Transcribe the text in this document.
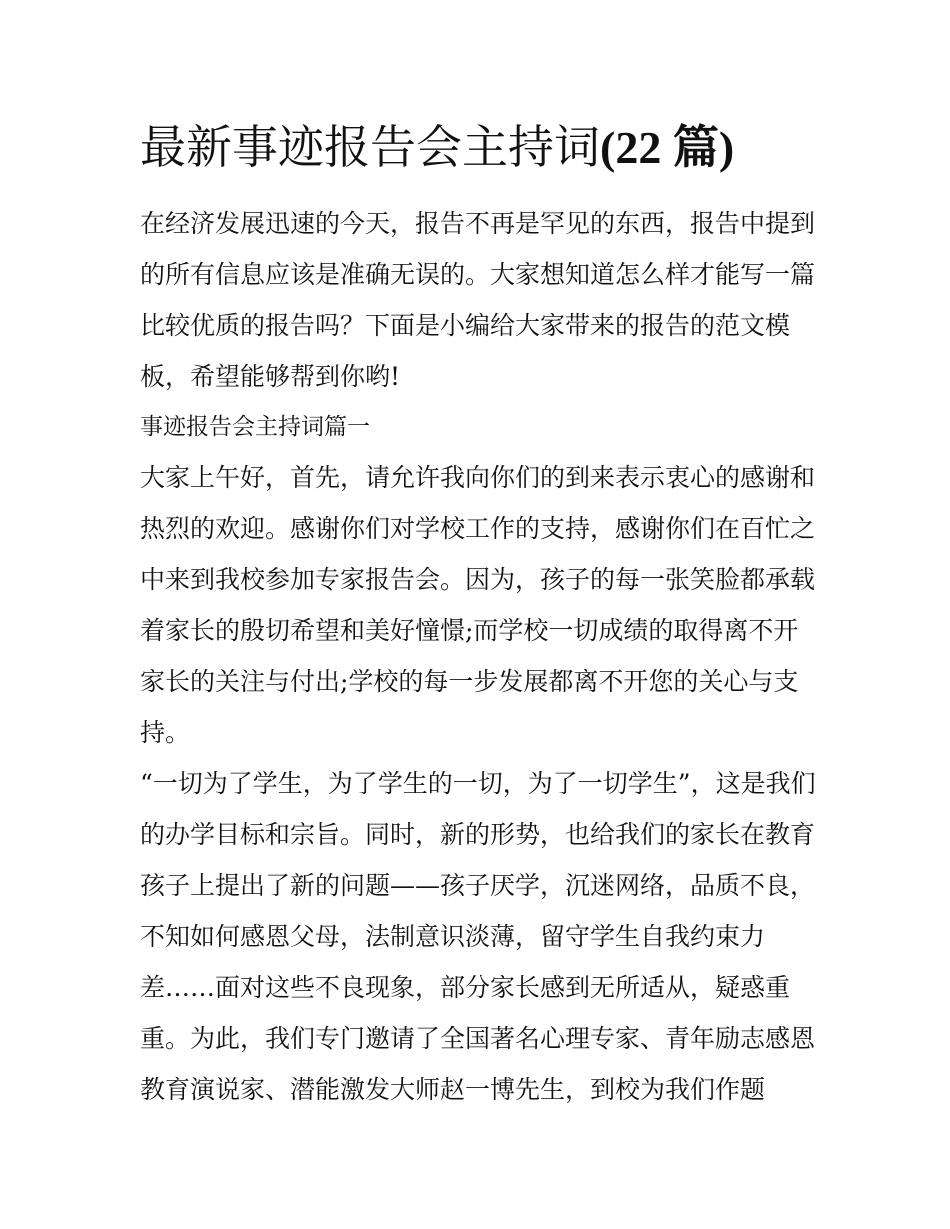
最新事迹报告会主持词(22 篇)
在经济发展迅速的今天，报告不再是罕见的东西，报告中提到
的所有信息应该是准确无误的。大家想知道怎么样才能写一篇
比较优质的报告吗？下面是小编给大家带来的报告的范文模
板，希望能够帮到你哟!
事迹报告会主持词篇一
大家上午好，首先，请允许我向你们的到来表示衷心的感谢和
热烈的欢迎。感谢你们对学校工作的支持，感谢你们在百忙之
中来到我校参加专家报告会。因为，孩子的每一张笑脸都承载
着家长的殷切希望和美好憧憬;而学校一切成绩的取得离不开
家长的关注与付出;学校的每一步发展都离不开您的关心与支
持。
“一切为了学生，为了学生的一切，为了一切学生”，这是我们
的办学目标和宗旨。同时，新的形势，也给我们的家长在教育
孩子上提出了新的问题——孩子厌学，沉迷网络，品质不良，
不知如何感恩父母，法制意识淡薄，留守学生自我约束力
差……面对这些不良现象，部分家长感到无所适从，疑惑重
重。为此，我们专门邀请了全国著名心理专家、青年励志感恩
教育演说家、潜能激发大师赵一博先生，到校为我们作题
